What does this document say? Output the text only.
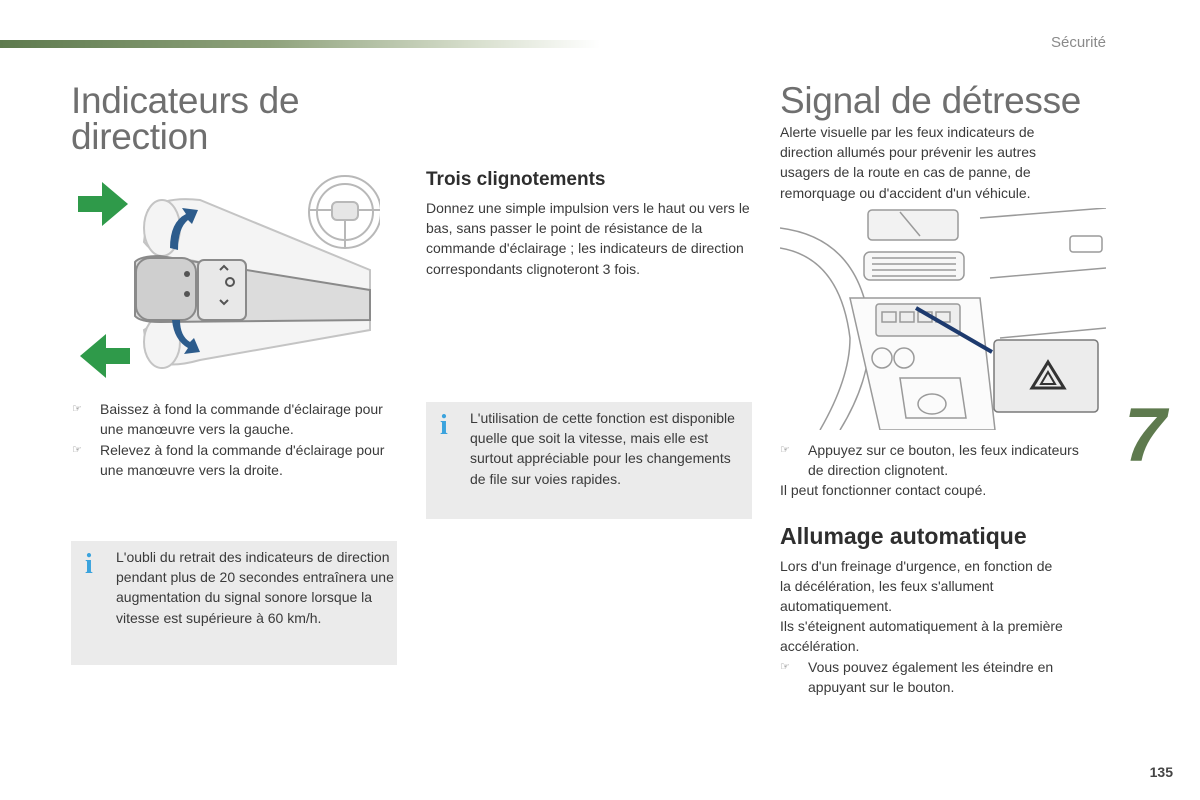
Sécurité
135
7
Indicateurs de
direction
☞	Baissez à fond la commande d'éclairage pour une manœuvre vers la gauche.
☞	Relevez à fond la commande d'éclairage pour une manœuvre vers la droite.
i L'oubli du retrait des indicateurs de direction pendant plus de 20 secondes entraînera une augmentation du signal sonore lorsque la vitesse est supérieure à 60 km/h.
Trois clignotements

Donnez une simple impulsion vers le haut ou vers le bas, sans passer le point de résistance de la commande d'éclairage ; les indicateurs de direction correspondants clignoteront 3 fois.

i L'utilisation de cette fonction est disponible quelle que soit la vitesse, mais elle est surtout appréciable pour les changements de file sur voies rapides.
Signal de détresse

Alerte visuelle par les feux indicateurs de direction allumés pour prévenir les autres usagers de la route en cas de panne, de remorquage ou d'accident d'un véhicule.

☞	Appuyez sur ce bouton, les feux indicateurs de direction clignotent.

Il peut fonctionner contact coupé.

Allumage automatique

Lors d'un freinage d'urgence, en fonction de la décélération, les feux s'allument automatiquement.

Ils s'éteignent automatiquement à la première accélération.

☞	Vous pouvez également les éteindre en appuyant sur le bouton.
